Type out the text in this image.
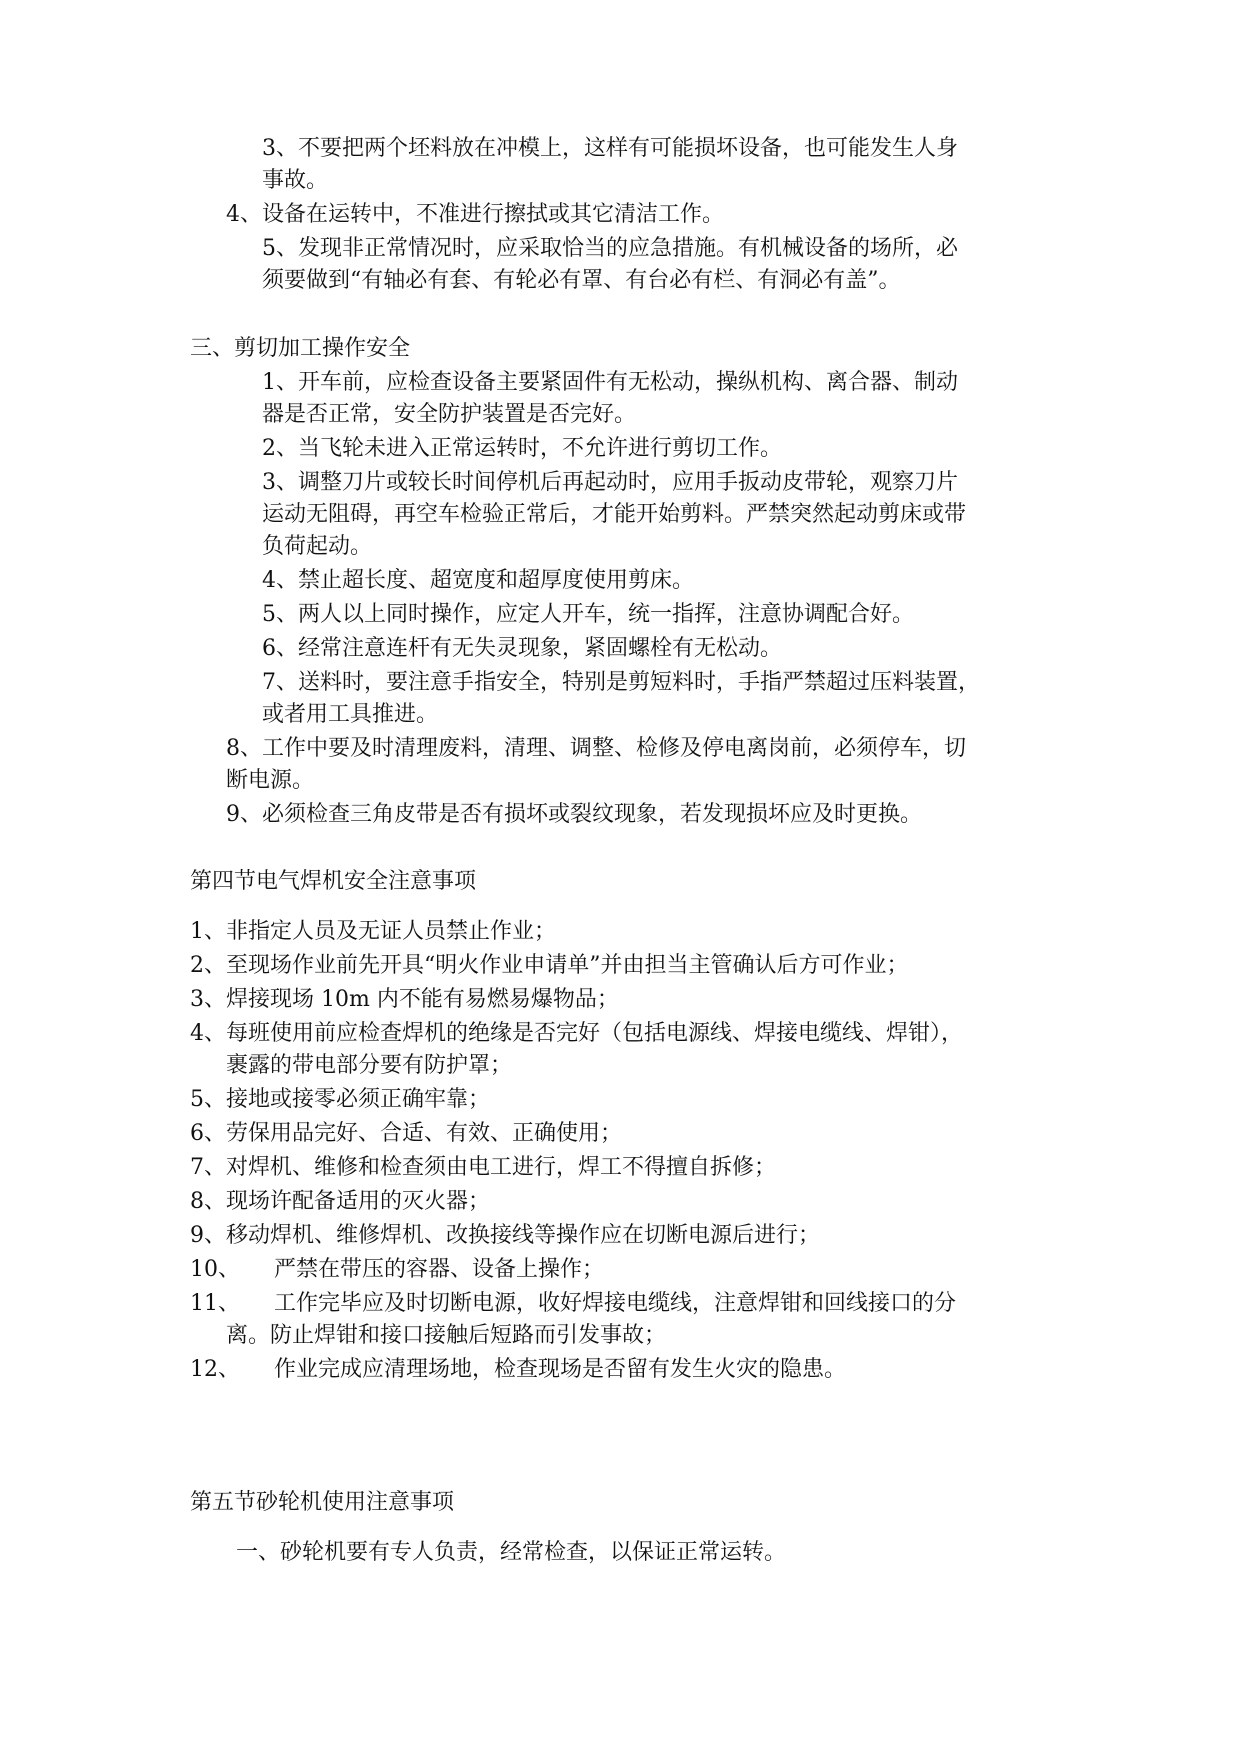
3、不要把两个坯料放在冲模上，这样有可能损坏设备，也可能发生人身
事故。
4、设备在运转中，不准进行擦拭或其它清洁工作。
5、发现非正常情况时，应采取恰当的应急措施。有机械设备的场所，必
须要做到“有轴必有套、有轮必有罩、有台必有栏、有洞必有盖”。
三、剪切加工操作安全
1、开车前，应检查设备主要紧固件有无松动，操纵机构、离合器、制动
器是否正常，安全防护装置是否完好。
2、当飞轮未进入正常运转时，不允许进行剪切工作。
3、调整刀片或较长时间停机后再起动时，应用手扳动皮带轮，观察刀片
运动无阻碍，再空车检验正常后，才能开始剪料。严禁突然起动剪床或带
负荷起动。
4、禁止超长度、超宽度和超厚度使用剪床。
5、两人以上同时操作，应定人开车，统一指挥，注意协调配合好。
6、经常注意连杆有无失灵现象，紧固螺栓有无松动。
7、送料时，要注意手指安全，特别是剪短料时，手指严禁超过压料装置，
或者用工具推进。
8、工作中要及时清理废料，清理、调整、检修及停电离岗前，必须停车，切
断电源。
9、必须检查三角皮带是否有损坏或裂纹现象，若发现损坏应及时更换。
第四节电气焊机安全注意事项
1、非指定人员及无证人员禁止作业；
2、至现场作业前先开具“明火作业申请单”并由担当主管确认后方可作业；
3、焊接现场 10m 内不能有易燃易爆物品；
4、每班使用前应检查焊机的绝缘是否完好（包括电源线、焊接电缆线、焊钳），
裹露的带电部分要有防护罩；
5、接地或接零必须正确牢靠；
6、劳保用品完好、合适、有效、正确使用；
7、对焊机、维修和检查须由电工进行，焊工不得擅自拆修；
8、现场许配备适用的灭火器；
9、移动焊机、维修焊机、改换接线等操作应在切断电源后进行；
10、 严禁在带压的容器、设备上操作；
11、 工作完毕应及时切断电源，收好焊接电缆线，注意焊钳和回线接口的分
离。防止焊钳和接口接触后短路而引发事故；
12、 作业完成应清理场地，检查现场是否留有发生火灾的隐患。
第五节砂轮机使用注意事项
一、砂轮机要有专人负责，经常检查，以保证正常运转。
